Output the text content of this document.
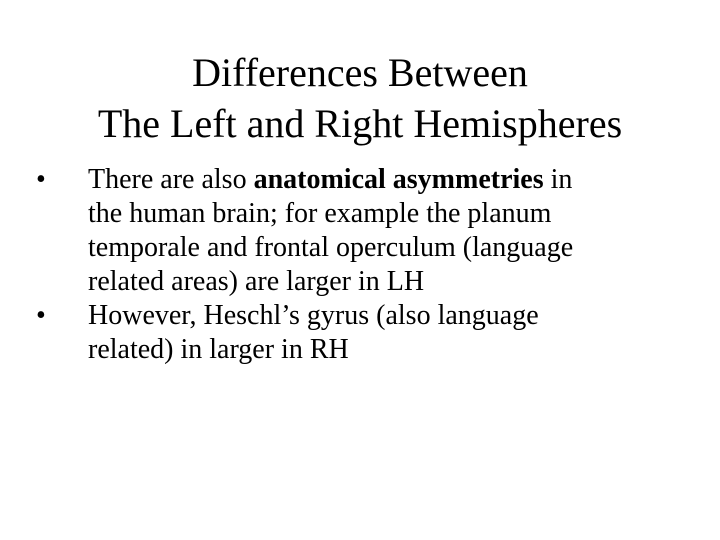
Differences Between
The Left and Right Hemispheres
•	There are also anatomical asymmetries in
the human brain; for example the planum
temporale and frontal operculum (language
related areas) are larger in LH
•	However, Heschl’s gyrus (also language
related) in larger in RH
